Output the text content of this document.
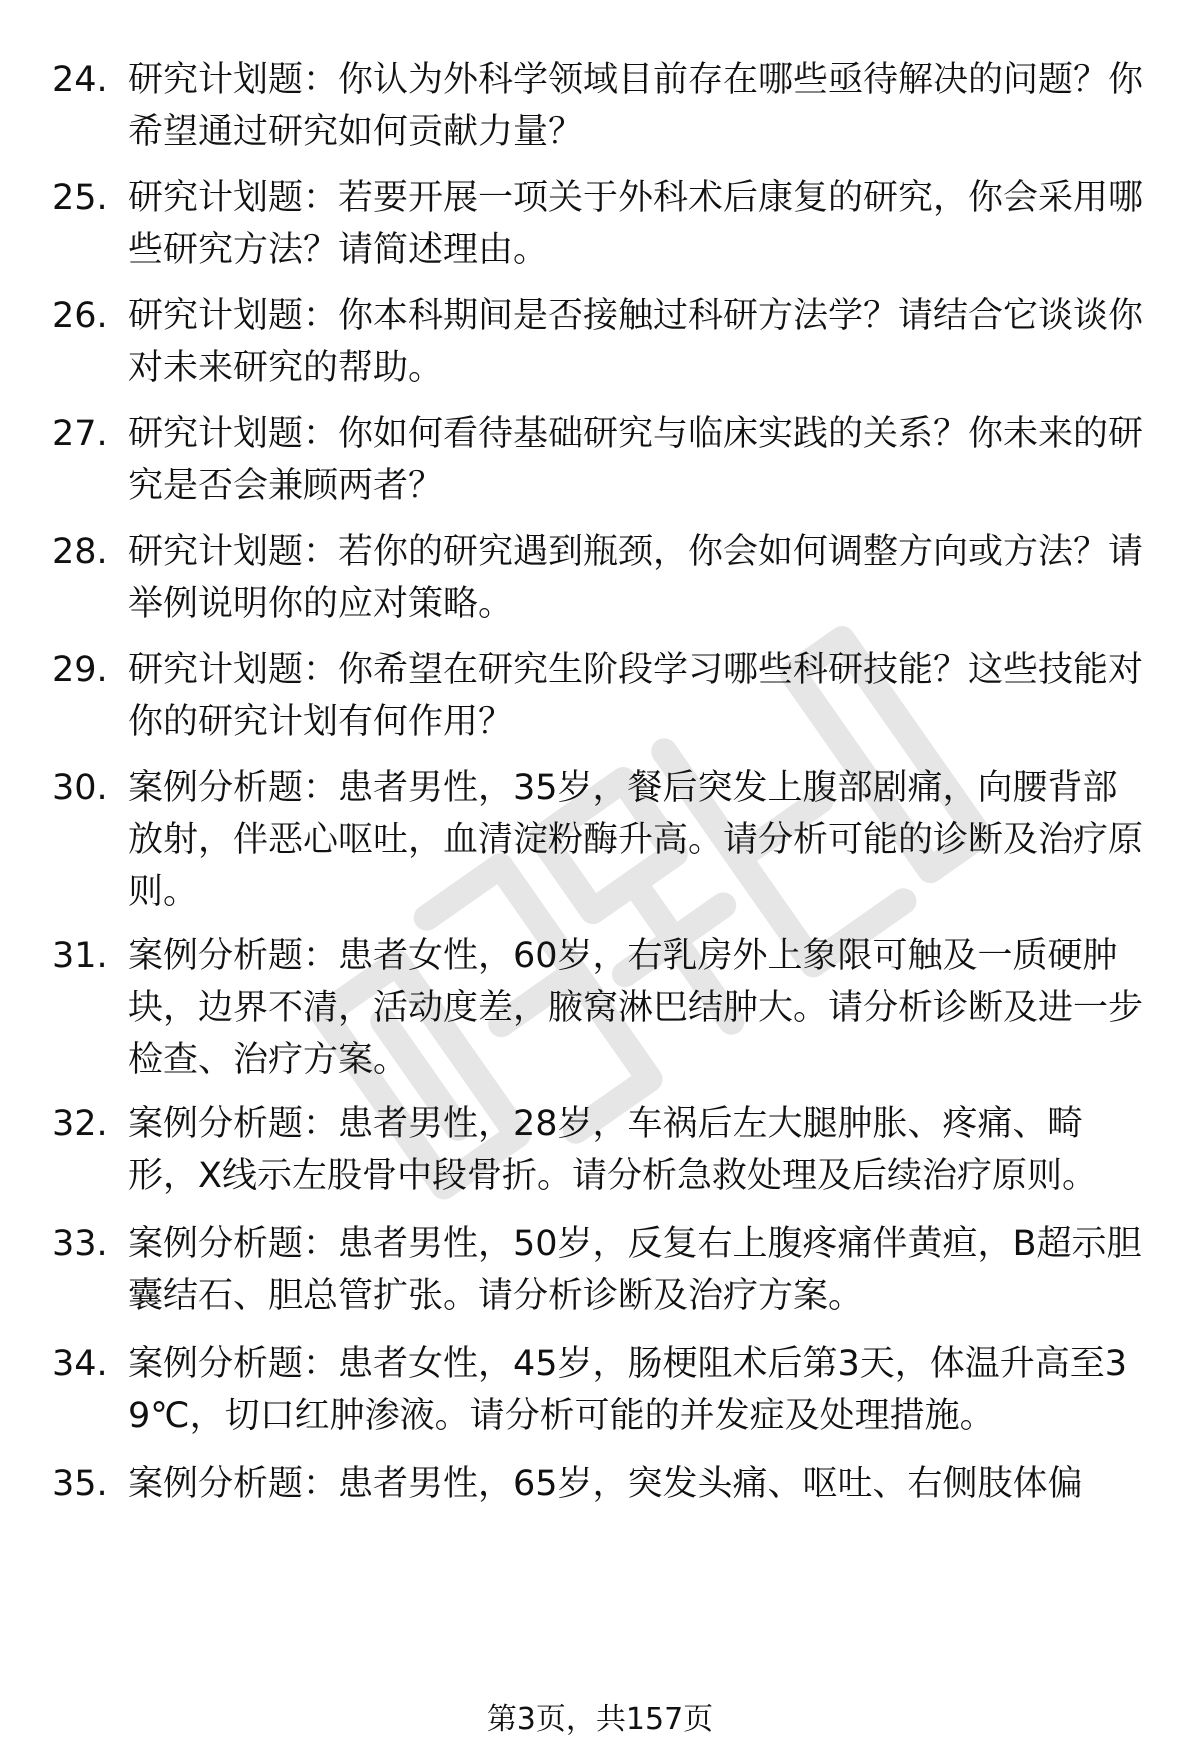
24. 研究计划题：你认为外科学领域目前存在哪些亟待解决的问题？你希望通过研究如何贡献力量？
25. 研究计划题：若要开展一项关于外科术后康复的研究，你会采用哪些研究方法？请简述理由。
26. 研究计划题：你本科期间是否接触过科研方法学？请结合它谈谈你对未来研究的帮助。
27. 研究计划题：你如何看待基础研究与临床实践的关系？你未来的研究是否会兼顾两者？
28. 研究计划题：若你的研究遇到瓶颈，你会如何调整方向或方法？请举例说明你的应对策略。
29. 研究计划题：你希望在研究生阶段学习哪些科研技能？这些技能对你的研究计划有何作用？
30. 案例分析题：患者男性，35岁，餐后突发上腹部剧痛，向腰背部放射，伴恶心呕吐，血清淀粉酶升高。请分析可能的诊断及治疗原则。
31. 案例分析题：患者女性，60岁，右乳房外上象限可触及一质硬肿块，边界不清，活动度差，腋窝淋巴结肿大。请分析诊断及进一步检查、治疗方案。
32. 案例分析题：患者男性，28岁，车祸后左大腿肿胀、疼痛、畸形，X线示左股骨中段骨折。请分析急救处理及后续治疗原则。
33. 案例分析题：患者男性，50岁，反复右上腹疼痛伴黄疸，B超示胆囊结石、胆总管扩张。请分析诊断及治疗方案。
34. 案例分析题：患者女性，45岁，肠梗阻术后第3天，体温升高至39℃，切口红肿渗液。请分析可能的并发症及处理措施。
35. 案例分析题：患者男性，65岁，突发头痛、呕吐、右侧肢体偏
第3页，共157页
